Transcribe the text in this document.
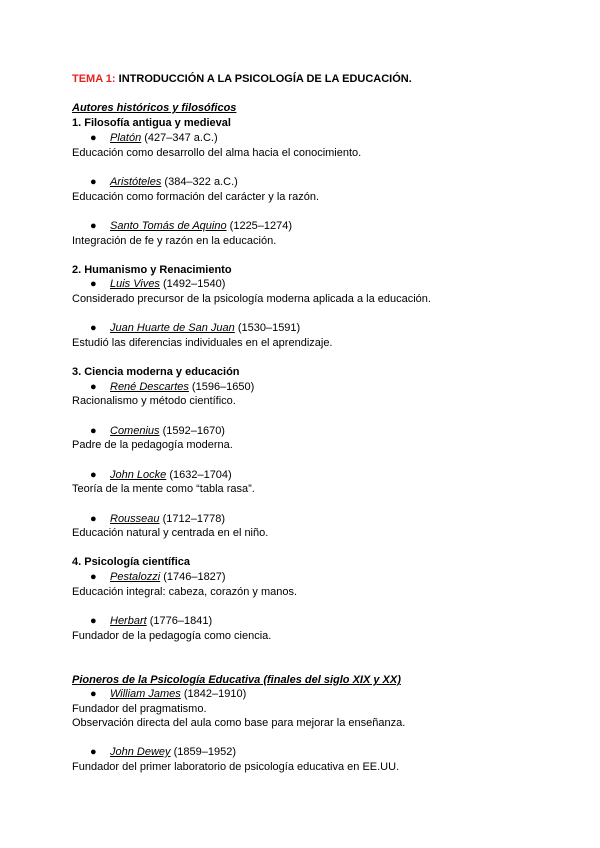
TEMA 1: INTRODUCCIÓN A LA PSICOLOGÍA DE LA EDUCACIÓN.
Autores históricos y filosóficos
1. Filosofía antigua y medieval
● Platón (427–347 a.C.)
Educación como desarrollo del alma hacia el conocimiento.
● Aristóteles (384–322 a.C.)
Educación como formación del carácter y la razón.
● Santo Tomás de Aquino (1225–1274)
Integración de fe y razón en la educación.
2. Humanismo y Renacimiento
● Luis Vives (1492–1540)
Considerado precursor de la psicología moderna aplicada a la educación.
● Juan Huarte de San Juan (1530–1591)
Estudió las diferencias individuales en el aprendizaje.
3. Ciencia moderna y educación
● René Descartes (1596–1650)
Racionalismo y método científico.
● Comenius (1592–1670)
Padre de la pedagogía moderna.
● John Locke (1632–1704)
Teoría de la mente como “tabla rasa”.
● Rousseau (1712–1778)
Educación natural y centrada en el niño.
4. Psicología científica
● Pestalozzi (1746–1827)
Educación integral: cabeza, corazón y manos.
● Herbart (1776–1841)
Fundador de la pedagogía como ciencia.
Pioneros de la Psicología Educativa (finales del siglo XIX y XX)
● William James (1842–1910)
Fundador del pragmatismo.
Observación directa del aula como base para mejorar la enseñanza.
● John Dewey (1859–1952)
Fundador del primer laboratorio de psicología educativa en EE.UU.
